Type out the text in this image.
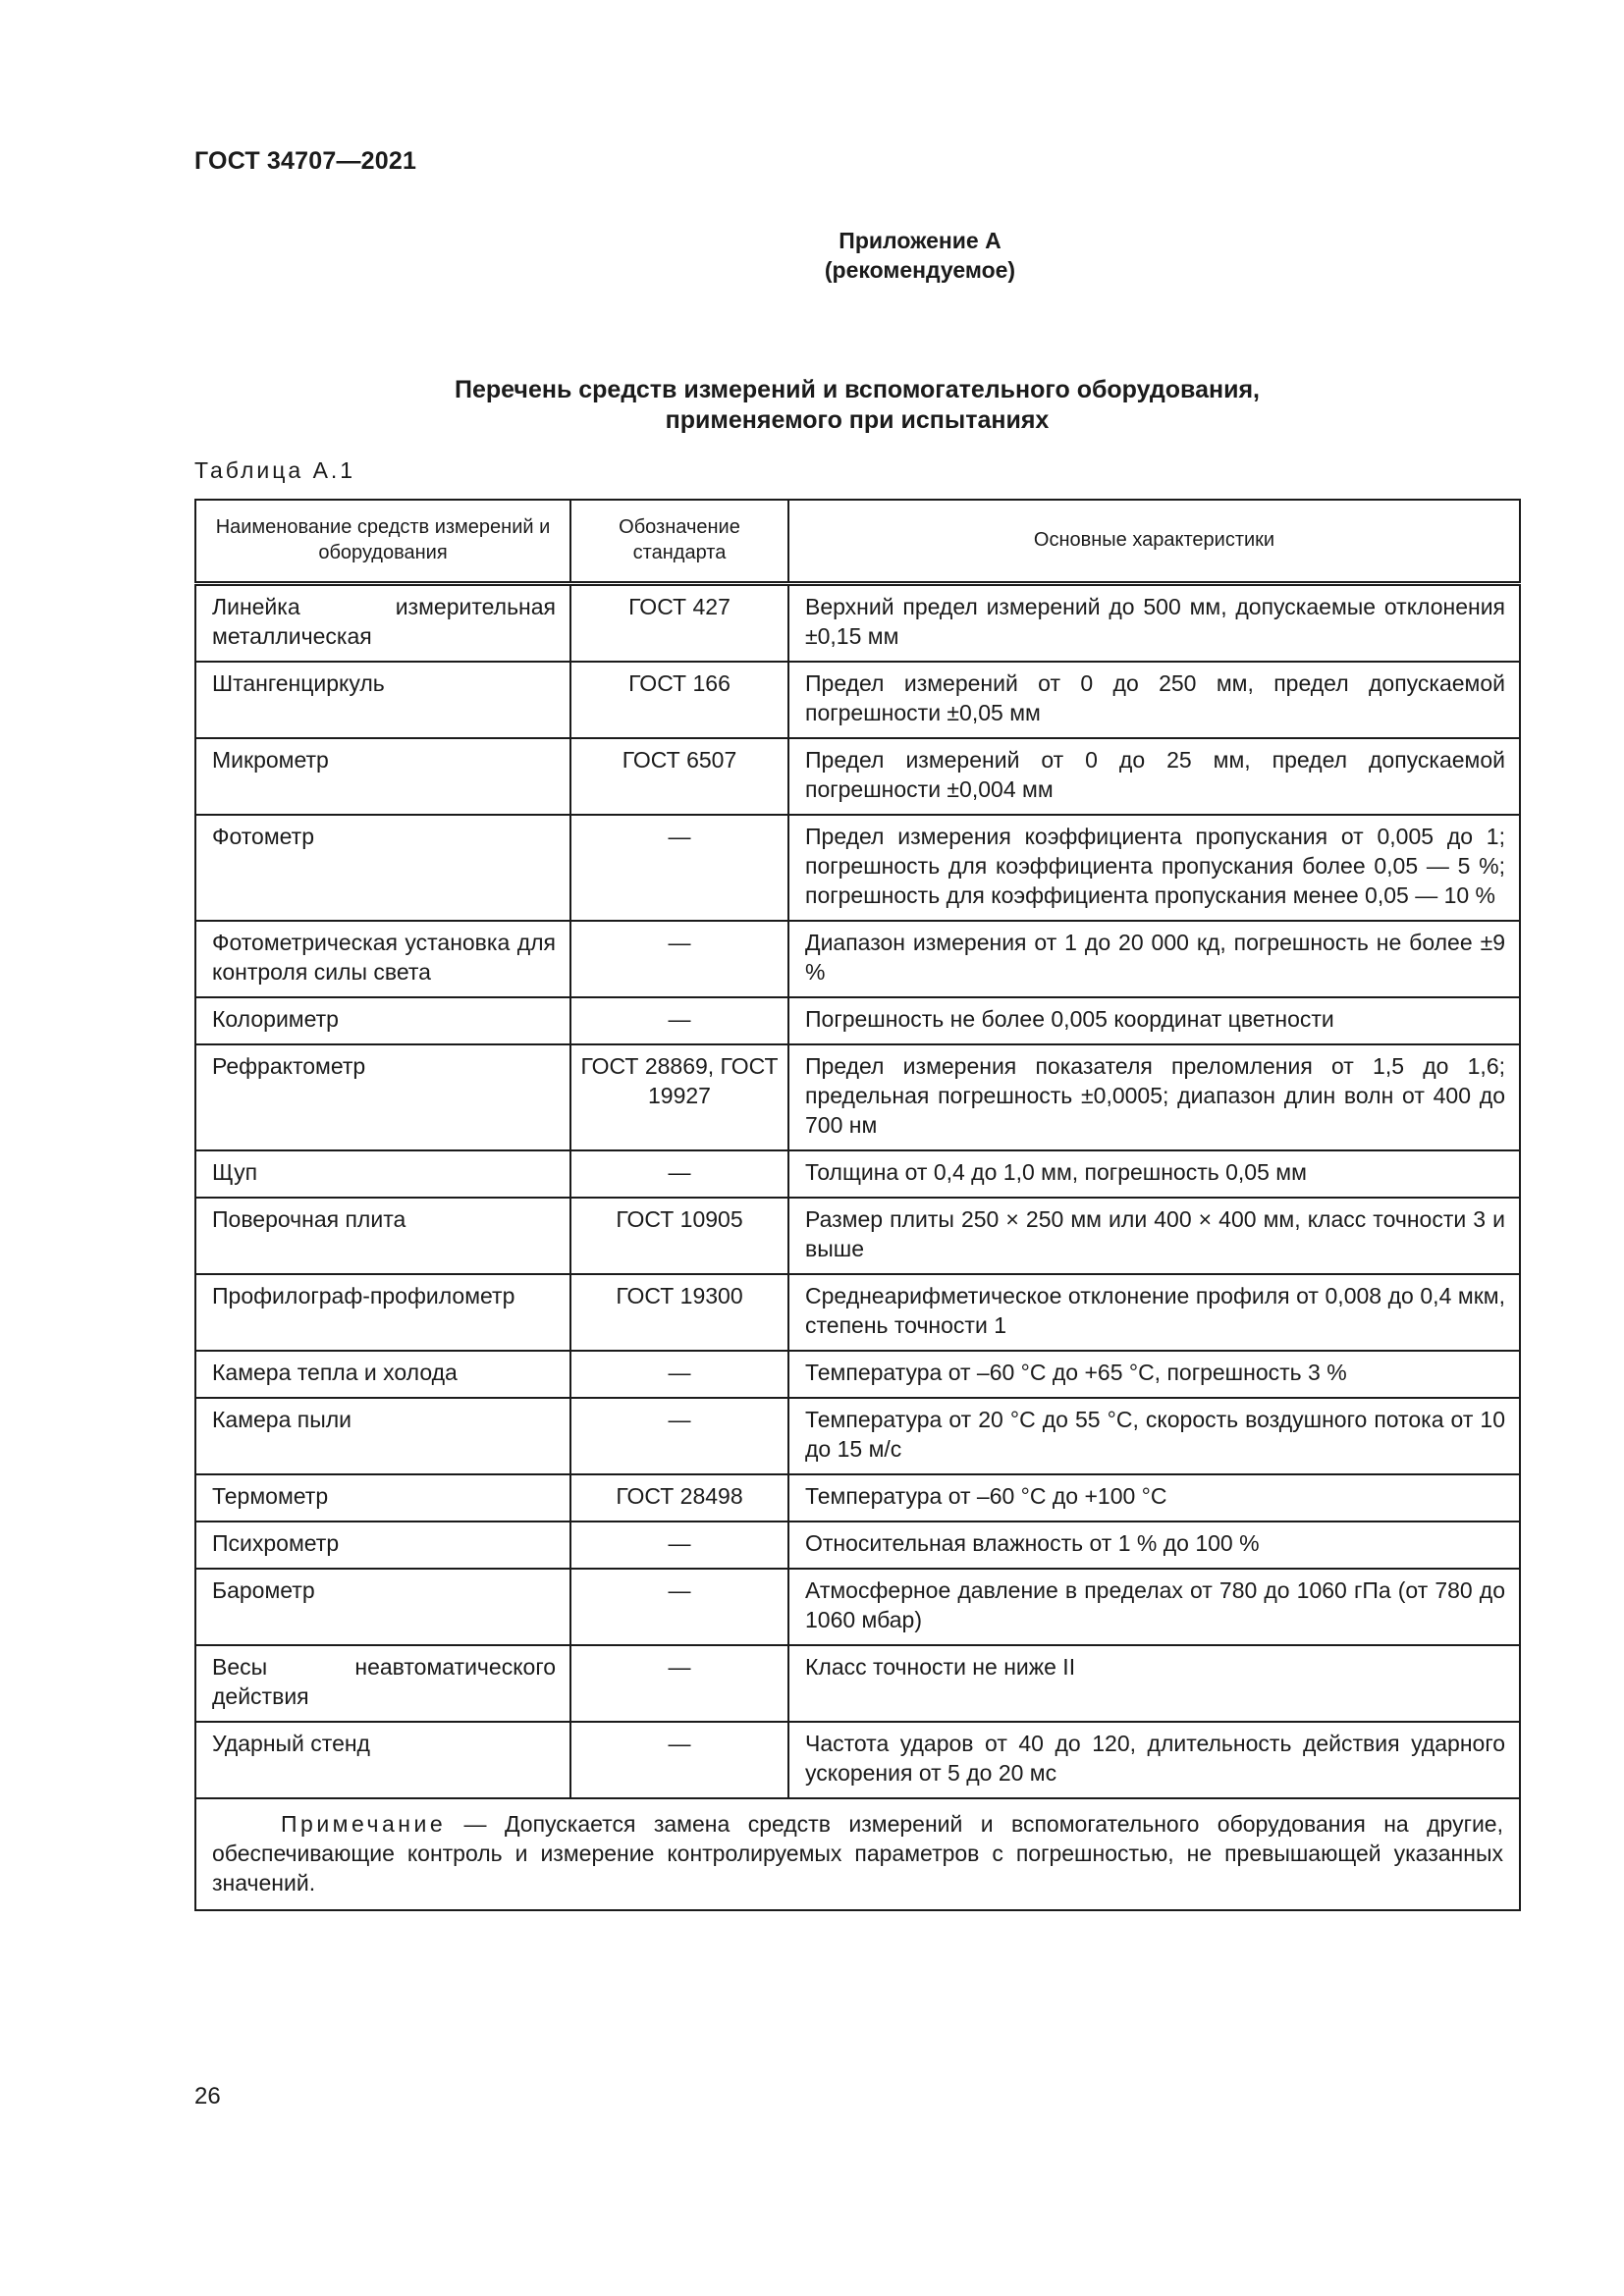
ГОСТ 34707—2021
Приложение А
(рекомендуемое)
Перечень средств измерений и вспомогательного оборудования,
применяемого при испытаниях
Таблица А.1
Наименование средств измерений и оборудования	Обозначение стандарта	Основные характеристики
Линейка измерительная металлическая	ГОСТ 427	Верхний предел измерений до 500 мм, допускаемые отклонения ±0,15 мм
Штангенциркуль	ГОСТ 166	Предел измерений от 0 до 250 мм, предел допускаемой погрешности ±0,05 мм
Микрометр	ГОСТ 6507	Предел измерений от 0 до 25 мм, предел допускаемой погрешности ±0,004 мм
Фотометр	—	Предел измерения коэффициента пропускания от 0,005 до 1; погрешность для коэффициента пропускания более 0,05 — 5 %; погрешность для коэффициента пропускания менее 0,05 — 10 %
Фотометрическая установка для контроля силы света	—	Диапазон измерения от 1 до 20 000 кд, погрешность не более ±9 %
Колориметр	—	Погрешность не более 0,005 координат цветности
Рефрактометр	ГОСТ 28869, ГОСТ 19927	Предел измерения показателя преломления от 1,5 до 1,6; предельная погрешность ±0,0005; диапазон длин волн от 400 до 700 нм
Щуп	—	Толщина от 0,4 до 1,0 мм, погрешность 0,05 мм
Поверочная плита	ГОСТ 10905	Размер плиты 250 × 250 мм или 400 × 400 мм, класс точности 3 и выше
Профилограф-профилометр	ГОСТ 19300	Среднеарифметическое отклонение профиля от 0,008 до 0,4 мкм, степень точности 1
Камера тепла и холода	—	Температура от –60 °С до +65 °С, погрешность 3 %
Камера пыли	—	Температура от 20 °С до 55 °С, скорость воздушного потока от 10 до 15 м/с
Термометр	ГОСТ 28498	Температура от –60 °С до +100 °С
Психрометр	—	Относительная влажность от 1 % до 100 %
Барометр	—	Атмосферное давление в пределах от 780 до 1060 гПа (от 780 до 1060 мбар)
Весы неавтоматического действия	—	Класс точности не ниже II
Ударный стенд	—	Частота ударов от 40 до 120, длительность действия ударного ускорения от 5 до 20 мс
Примечание — Допускается замена средств измерений и вспомогательного оборудования на другие, обеспечивающие контроль и измерение контролируемых параметров с погрешностью, не превышающей указанных значений.		
26
